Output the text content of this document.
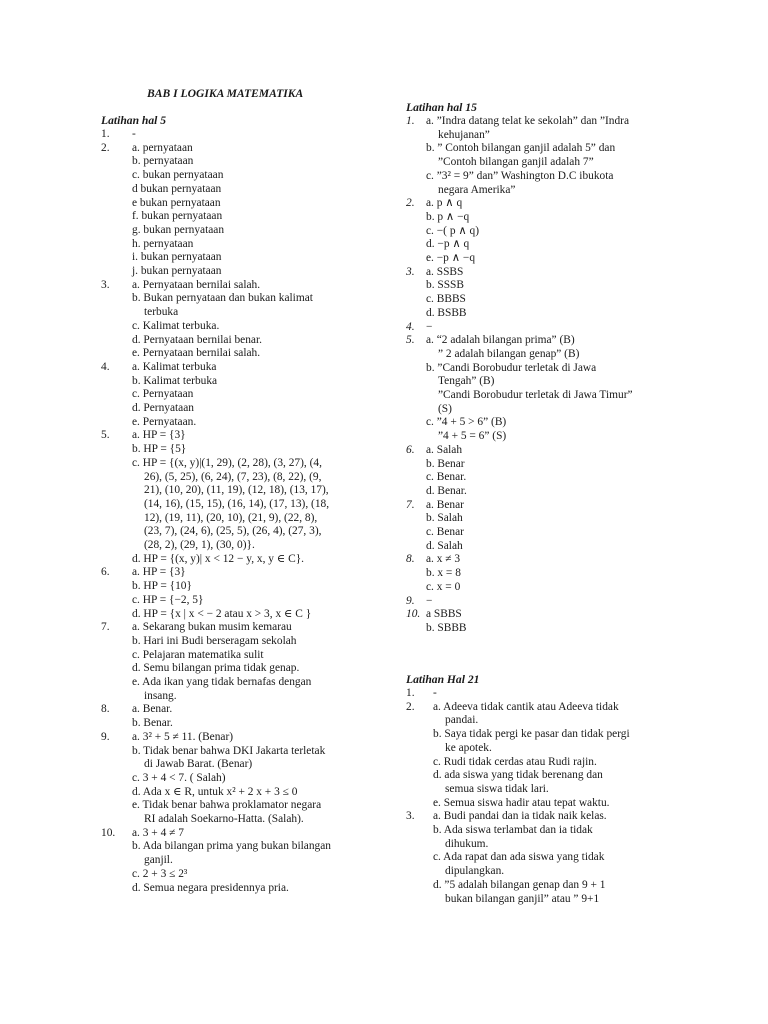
BAB I LOGIKA MATEMATIKA
Latihan hal 5
1. -
2. a. pernyataan
b. pernyataan
c. bukan pernyataan
d bukan pernyataan
e bukan pernyataan
f. bukan pernyataan
g. bukan pernyataan
h. pernyataan
i. bukan pernyataan
j. bukan pernyataan
3. a. Pernyataan bernilai salah.
b. Bukan pernyataan dan bukan kalimat
terbuka
c. Kalimat terbuka.
d. Pernyataan bernilai benar.
e. Pernyataan bernilai salah.
4. a. Kalimat terbuka
b. Kalimat terbuka
c. Pernyataan
d. Pernyataan
e. Pernyataan.
5. a. HP = {3}
b. HP = {5}
c. HP = {(x, y)|(1, 29), (2, 28), (3, 27), (4,
26), (5, 25), (6, 24), (7, 23), (8, 22), (9,
21), (10, 20), (11, 19), (12, 18), (13, 17),
(14, 16), (15, 15), (16, 14), (17, 13), (18,
12), (19, 11), (20, 10), (21, 9), (22, 8),
(23, 7), (24, 6), (25, 5), (26, 4), (27, 3),
(28, 2), (29, 1), (30, 0)}.
d. HP = {(x, y)| x < 12 − y, x, y ∈ C}.
6. a. HP = {3}
b. HP = {10}
c. HP = {−2, 5}
d. HP = {x | x < − 2 atau x > 3, x ∈ C }
7. a. Sekarang bukan musim kemarau
b. Hari ini Budi berseragam sekolah
c. Pelajaran matematika sulit
d. Semu bilangan prima tidak genap.
e. Ada ikan yang tidak bernafas dengan
insang.
8. a. Benar.
b. Benar.
9. a. 3² + 5 ≠ 11. (Benar)
b. Tidak benar bahwa DKI Jakarta terletak
di Jawab Barat. (Benar)
c. 3 + 4 < 7. ( Salah)
d. Ada x ∈ R, untuk x² + 2 x + 3 ≤ 0
e. Tidak benar bahwa proklamator negara
RI adalah Soekarno-Hatta. (Salah).
10. a. 3 + 4 ≠ 7
b. Ada bilangan prima yang bukan bilangan
ganjil.
c. 2 + 3 ≤ 2³
d. Semua negara presidennya pria.
Latihan hal 15
1. a. ”Indra datang telat ke sekolah” dan ”Indra
kehujanan”
b. ” Contoh bilangan ganjil adalah 5” dan
”Contoh bilangan ganjil adalah 7”
c. ”3² = 9” dan” Washington D.C ibukota
negara Amerika”
2. a. p ∧ q
b. p ∧ −q
c. −( p ∧ q)
d. −p ∧ q
e. −p ∧ −q
3. a. SSBS
b. SSSB
c. BBBS
d. BSBB
4. −
5. a. “2 adalah bilangan prima” (B)
” 2 adalah bilangan genap” (B)
b. ”Candi Borobudur terletak di Jawa
Tengah” (B)
”Candi Borobudur terletak di Jawa Timur”
(S)
c. ”4 + 5 > 6” (B)
”4 + 5 = 6” (S)
6. a. Salah
b. Benar
c. Benar.
d. Benar.
7. a. Benar
b. Salah
c. Benar
d. Salah
8. a. x ≠ 3
b. x = 8
c. x = 0
9. −
10. a SBBS
b. SBBB
Latihan Hal 21
1. -
2. a. Adeeva tidak cantik atau Adeeva tidak
pandai.
b. Saya tidak pergi ke pasar dan tidak pergi
ke apotek.
c. Rudi tidak cerdas atau Rudi rajin.
d. ada siswa yang tidak berenang dan
semua siswa tidak lari.
e. Semua siswa hadir atau tepat waktu.
3. a. Budi pandai dan ia tidak naik kelas.
b. Ada siswa terlambat dan ia tidak
dihukum.
c. Ada rapat dan ada siswa yang tidak
dipulangkan.
d. ”5 adalah bilangan genap dan 9 + 1
bukan bilangan ganjil” atau ” 9+1
